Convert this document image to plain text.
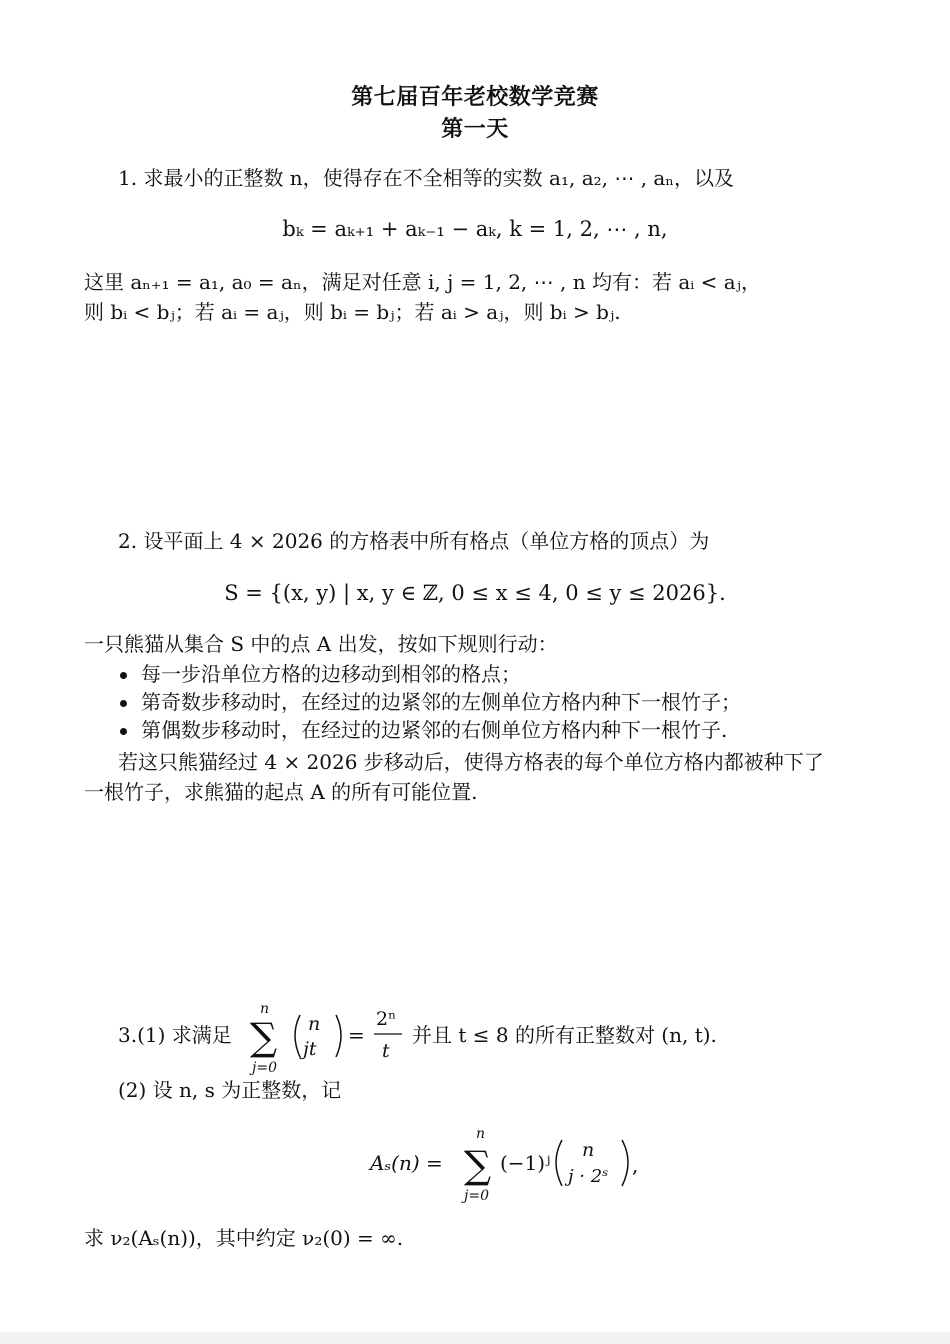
第七届百年老校数学竞赛
第一天
1. 求最小的正整数 n，使得存在不全相等的实数 a₁, a₂, ⋯ , aₙ，以及
bₖ = aₖ₊₁ + aₖ₋₁ − aₖ, k = 1, 2, ⋯ , n,
这里 aₙ₊₁ = a₁, a₀ = aₙ，满足对任意 i, j = 1, 2, ⋯ , n 均有：若 aᵢ < aⱼ，
则 bᵢ < bⱼ；若 aᵢ = aⱼ，则 bᵢ = bⱼ；若 aᵢ > aⱼ，则 bᵢ > bⱼ.
2. 设平面上 4 × 2026 的方格表中所有格点（单位方格的顶点）为
S = {(x, y) | x, y ∈ ℤ, 0 ≤ x ≤ 4, 0 ≤ y ≤ 2026}.
一只熊猫从集合 S 中的点 A 出发，按如下规则行动：
每一步沿单位方格的边移动到相邻的格点；
第奇数步移动时，在经过的边紧邻的左侧单位方格内种下一根竹子；
第偶数步移动时，在经过的边紧邻的右侧单位方格内种下一根竹子.
若这只熊猫经过 4 × 2026 步移动后，使得方格表的每个单位方格内都被种下了
一根竹子，求熊猫的起点 A 的所有可能位置.
3.(1) 求满足
n
∑
j=0
n
jt
=
2ⁿ
t
并且 t ≤ 8 的所有正整数对 (n, t).
(2) 设 n, s 为正整数，记
Aₛ(n) =
n
∑
j=0
(−1)ʲ
n
j · 2ˢ ,
求 ν₂(Aₛ(n))，其中约定 ν₂(0) = ∞.
